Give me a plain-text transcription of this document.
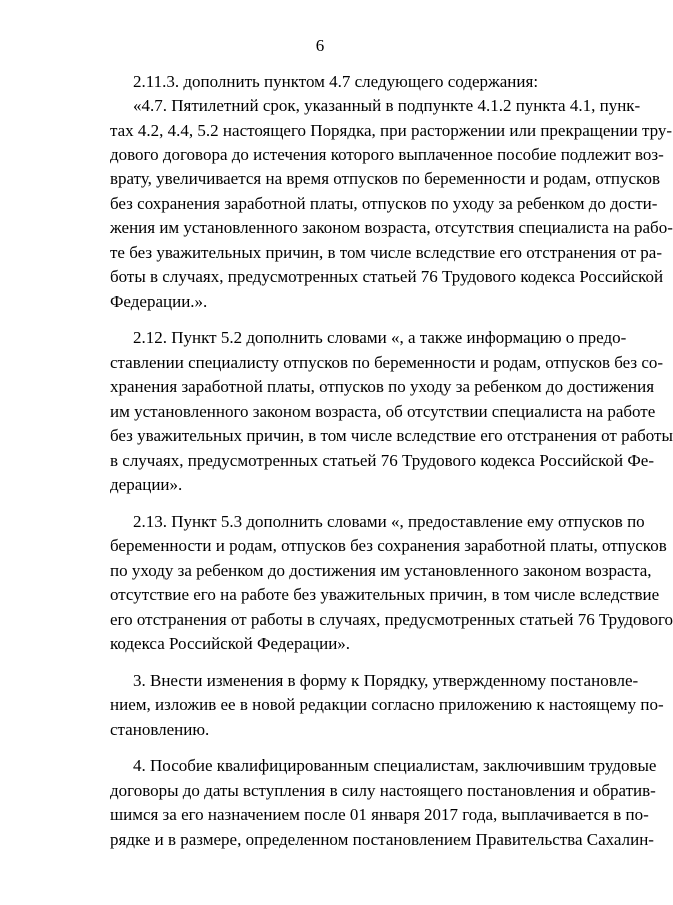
6
2.11.3. дополнить пунктом 4.7 следующего содержания:
«4.7. Пятилетний срок, указанный в подпункте 4.1.2 пункта 4.1, пунк-
тах 4.2, 4.4, 5.2 настоящего Порядка, при расторжении или прекращении тру-
дового договора до истечения которого выплаченное пособие подлежит воз-
врату, увеличивается на время отпусков по беременности и родам, отпусков
без сохранения заработной платы, отпусков по уходу за ребенком до дости-
жения им установленного законом возраста, отсутствия специалиста на рабо-
те без уважительных причин, в том числе вследствие его отстранения от ра-
боты в случаях, предусмотренных статьей 76 Трудового кодекса Российской
Федерации.».
2.12. Пункт 5.2 дополнить словами «, а также информацию о предо-
ставлении специалисту отпусков по беременности и родам, отпусков без со-
хранения заработной платы, отпусков по уходу за ребенком до достижения
им установленного законом возраста, об отсутствии специалиста на работе
без уважительных причин, в том числе вследствие его отстранения от работы
в случаях, предусмотренных статьей 76 Трудового кодекса Российской Фе-
дерации».
2.13. Пункт 5.3 дополнить словами «, предоставление ему отпусков по
беременности и родам, отпусков без сохранения заработной платы, отпусков
по уходу за ребенком до достижения им установленного законом возраста,
отсутствие его на работе без уважительных причин, в том числе вследствие
его отстранения от работы в случаях, предусмотренных статьей 76 Трудового
кодекса Российской Федерации».
3. Внести изменения в форму к Порядку, утвержденному постановле-
нием, изложив ее в новой редакции согласно приложению к настоящему по-
становлению.
4. Пособие квалифицированным специалистам, заключившим трудовые
договоры до даты вступления в силу настоящего постановления и обратив-
шимся за его назначением после 01 января 2017 года, выплачивается в по-
рядке и в размере, определенном постановлением Правительства Сахалин-
